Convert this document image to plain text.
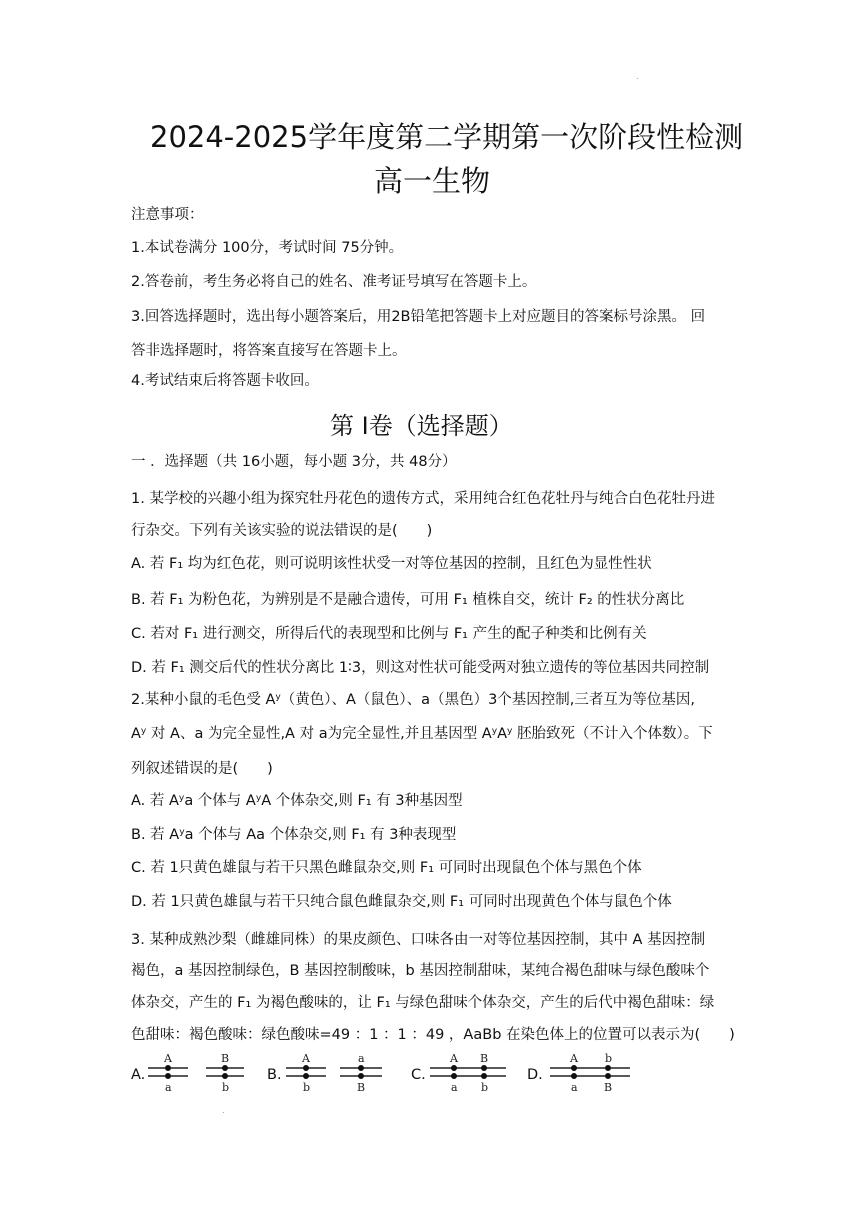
.
.
2024-2025学年度第二学期第一次阶段性检测
高一生物
注意事项：
1.本试卷满分 100分，考试时间 75分钟。
2.答卷前，考生务必将自己的姓名、准考证号填写在答题卡上。
3.回答选择题时，选出每小题答案后，用2B铅笔把答题卡上对应题目的答案标号涂黑。 回
答非选择题时，将答案直接写在答题卡上。
4.考试结束后将答题卡收回。
第 I卷（选择题）
一 ．选择题（共 16小题，每小题 3分，共 48分）
1. 某学校的兴趣小组为探究牡丹花色的遗传方式，采用纯合红色花牡丹与纯合白色花牡丹进
行杂交。下列有关该实验的说法错误的是(　　)
A. 若 F₁ 均为红色花，则可说明该性状受一对等位基因的控制，且红色为显性性状
B. 若 F₁ 为粉色花，为辨别是不是融合遗传，可用 F₁ 植株自交，统计 F₂ 的性状分离比
C. 若对 F₁ 进行测交，所得后代的表现型和比例与 F₁ 产生的配子种类和比例有关
D. 若 F₁ 测交后代的性状分离比 1∶3，则这对性状可能受两对独立遗传的等位基因共同控制
2.某种小鼠的毛色受 Aʸ（黄色）、A（鼠色）、a（黑色）3个基因控制,三者互为等位基因,
Aʸ 对 A、a 为完全显性,A 对 a为完全显性,并且基因型 AʸAʸ 胚胎致死（不计入个体数）。下
列叙述错误的是(　　)
A. 若 Aʸa 个体与 AʸA 个体杂交,则 F₁ 有 3种基因型
B. 若 Aʸa 个体与 Aa 个体杂交,则 F₁ 有 3种表现型
C. 若 1只黄色雄鼠与若干只黑色雌鼠杂交,则 F₁ 可同时出现鼠色个体与黑色个体
D. 若 1只黄色雄鼠与若干只纯合鼠色雌鼠杂交,则 F₁ 可同时出现黄色个体与鼠色个体
3. 某种成熟沙梨（雌雄同株）的果皮颜色、口味各由一对等位基因控制，其中 A 基因控制
褐色，a 基因控制绿色，B 基因控制酸味，b 基因控制甜味，某纯合褐色甜味与绿色酸味个
体杂交，产生的 F₁ 为褐色酸味的，让 F₁ 与绿色甜味个体杂交，产生的后代中褐色甜味：绿
色甜味：褐色酸味：绿色酸味=49 ：1 ：1 ：49 ，AaBb 在染色体上的位置可以表示为(　　)
A.
A
a
B
b
B.
A
b
a
B
C.
A B
a b
D.
A b
a B
